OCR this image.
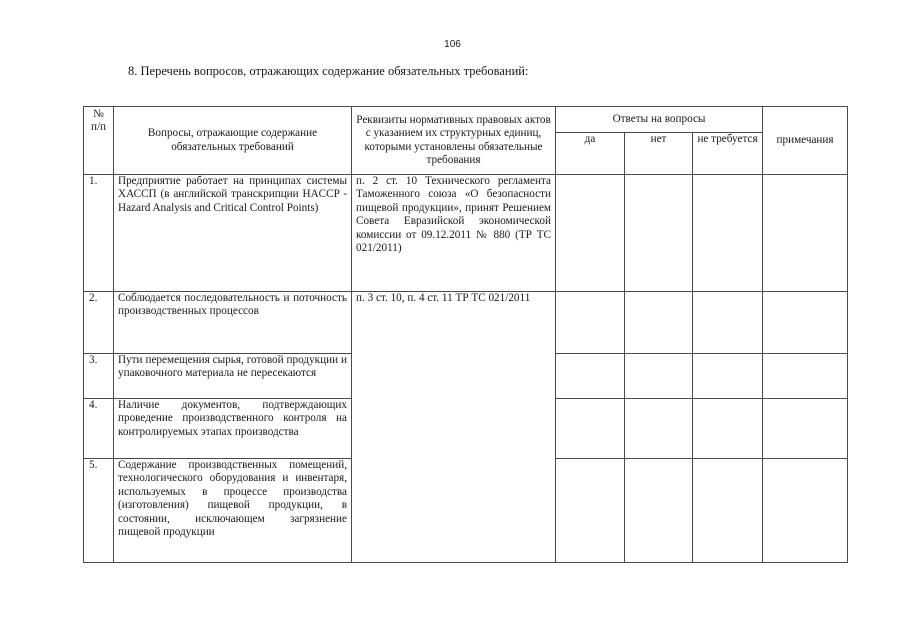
106
8. Перечень вопросов, отражающих содержание обязательных требований:
№ п/п	Вопросы, отражающие содержание обязательных требований	Реквизиты нормативных правовых актов с указанием их структурных единиц, которыми установлены обязательные требования	Ответы на вопросы			примечания
			да	нет	не требуется	
1.	Предприятие работает на принципах системы ХАССП (в английской транскрипции HACCP - Hazard Analysis and Critical Control Points)	п. 2 ст. 10 Технического регламента Таможенного союза «О безопасности пищевой продукции», принят Решением Совета Евразийской экономической комиссии от 09.12.2011 № 880 (ТР ТС 021/2011)				
2.	Соблюдается последовательность и поточность производственных процессов	п. 3 ст. 10, п. 4 ст. 11 ТР ТС 021/2011				
3.	Пути перемещения сырья, готовой продукции и упаковочного материала не пересекаются					
4.	Наличие документов, подтверждающих проведение производственного контроля на контролируемых этапах производства					
5.	Содержание производственных помещений, технологического оборудования и инвентаря, используемых в процессе производства (изготовления) пищевой продукции, в состоянии, исключающем загрязнение пищевой продукции					
